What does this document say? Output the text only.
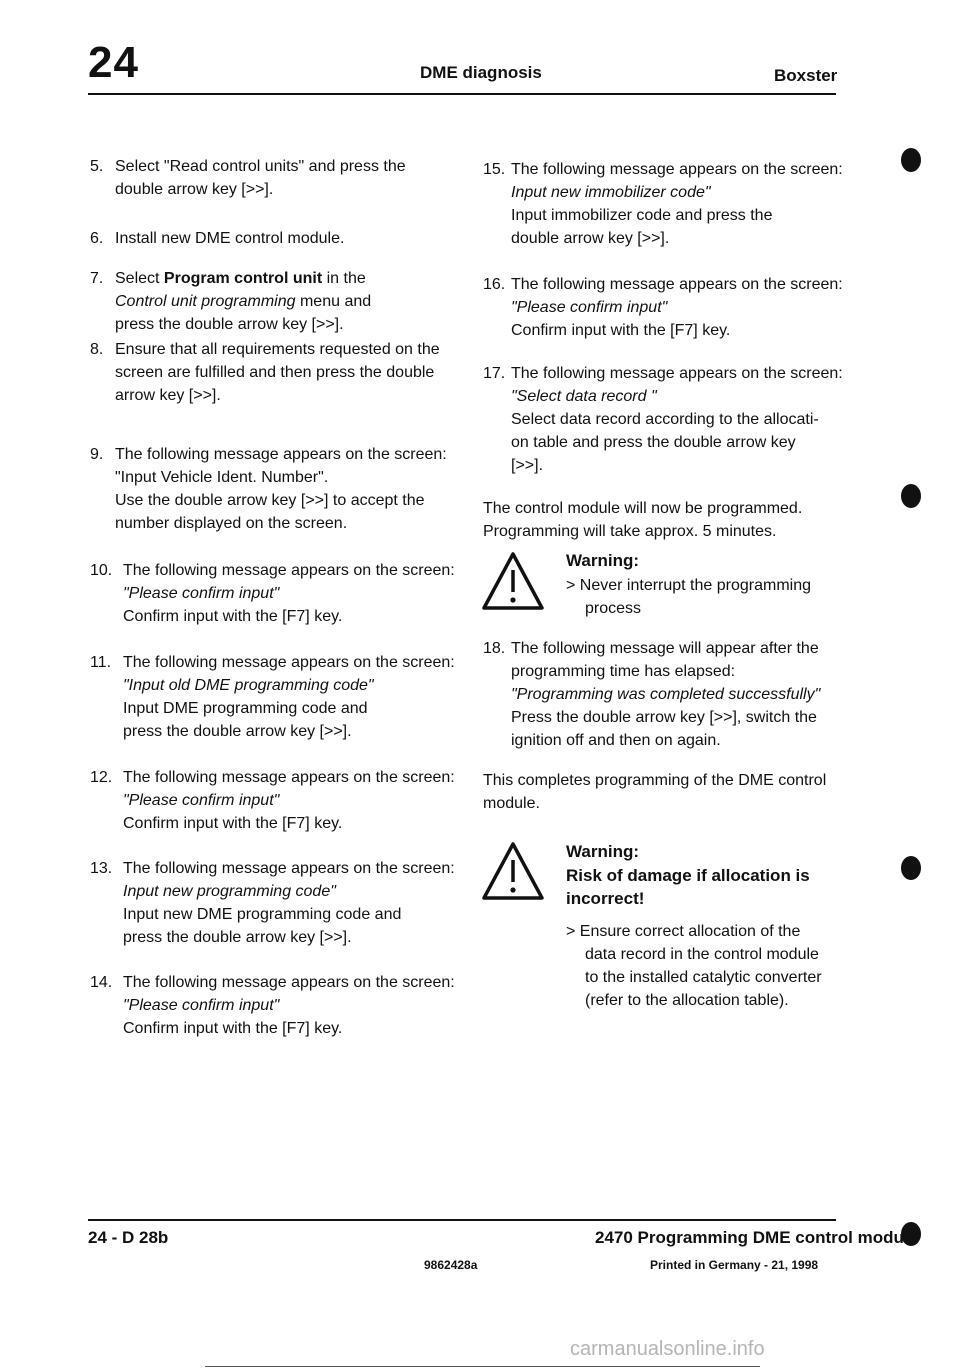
24	DME diagnosis	Boxster
5. Select "Read control units" and press the
double arrow key [>>].
6. Install new DME control module.
7. Select Program control unit in the
Control unit programming menu and
press the double arrow key [>>].
8. Ensure that all requirements requested on the
screen are fulfilled and then press the double
arrow key [>>].
9. The following message appears on the screen:
"Input Vehicle Ident. Number".
Use the double arrow key [>>] to accept the
number displayed on the screen.
10. The following message appears on the screen:
"Please confirm input"
Confirm input with the [F7] key.
11. The following message appears on the screen:
"Input old DME programming code"
Input DME programming code and
press the double arrow key [>>].
12. The following message appears on the screen:
"Please confirm input"
Confirm input with the [F7] key.
13. The following message appears on the screen:
Input new programming code"
Input new DME programming code and
press the double arrow key [>>].
14. The following message appears on the screen:
"Please confirm input"
Confirm input with the [F7] key.
15. The following message appears on the screen:
Input new immobilizer code"
Input immobilizer code and press the
double arrow key [>>].
16. The following message appears on the screen:
"Please confirm input"
Confirm input with the [F7] key.
17. The following message appears on the screen:
"Select data record "
Select data record according to the allocati-
on table and press the double arrow key
[>>].
The control module will now be programmed.
Programming will take approx. 5 minutes.
Warning:
> Never interrupt the programming
process
18. The following message will appear after the
programming time has elapsed:
"Programming was completed successfully"
Press the double arrow key [>>], switch the
ignition off and then on again.
This completes programming of the DME control
module.
Warning:
Risk of damage if allocation is
incorrect!
> Ensure correct allocation of the
data record in the control module
to the installed catalytic converter
(refer to the allocation table).
24 - D 28b	2470 Programming DME control module
9862428a	Printed in Germany - 21, 1998
carmanualsonline.info
